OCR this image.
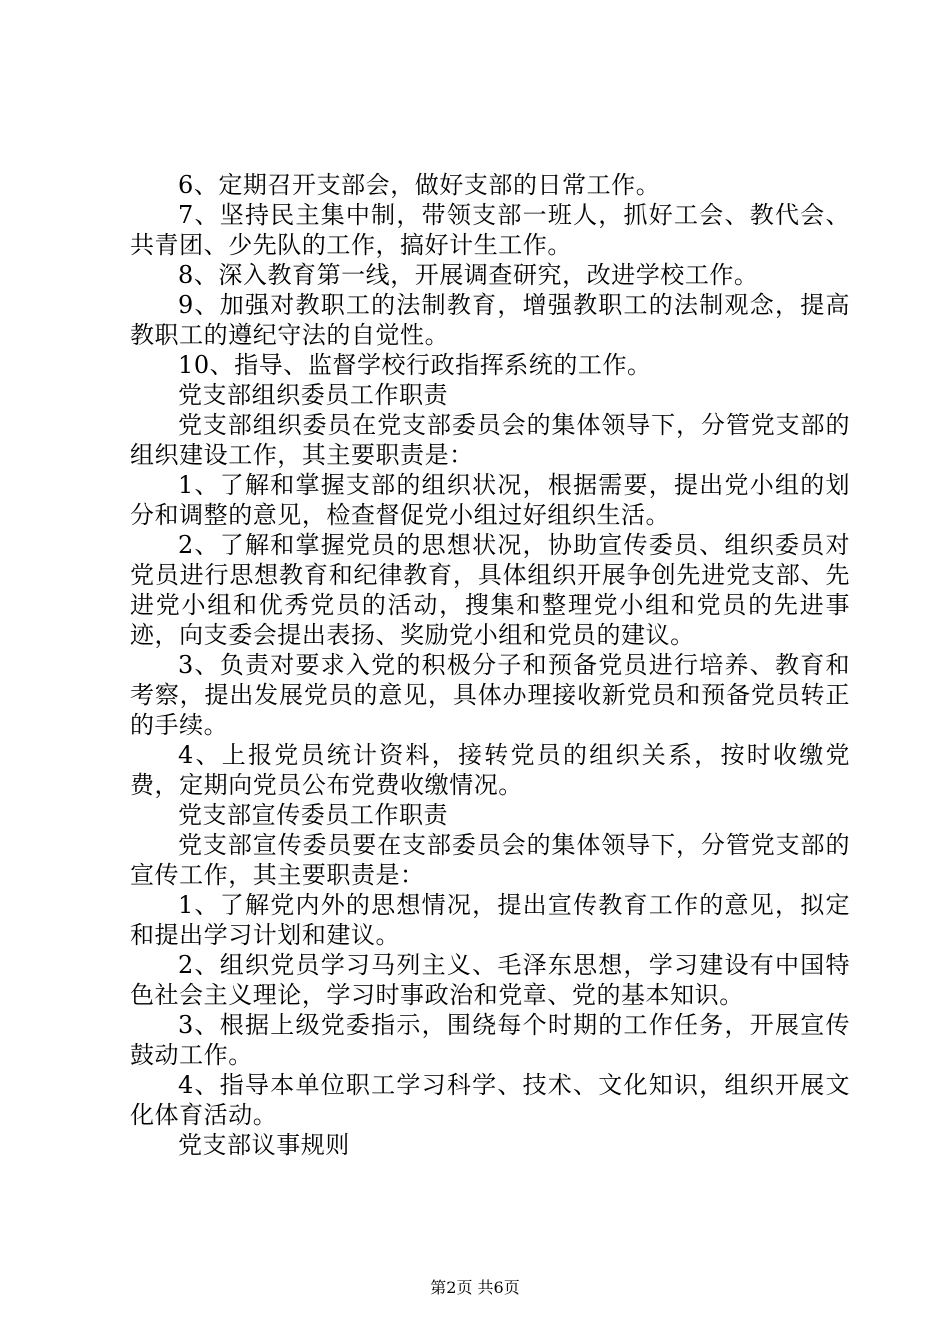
6、定期召开支部会，做好支部的日常工作。

7、坚持民主集中制，带领支部一班人，抓好工会、教代会、共青团、少先队的工作，搞好计生工作。

8、深入教育第一线，开展调查研究，改进学校工作。

9、加强对教职工的法制教育，增强教职工的法制观念，提高教职工的遵纪守法的自觉性。

10、指导、监督学校行政指挥系统的工作。

党支部组织委员工作职责

党支部组织委员在党支部委员会的集体领导下，分管党支部的组织建设工作，其主要职责是：

1、了解和掌握支部的组织状况，根据需要，提出党小组的划分和调整的意见，检查督促党小组过好组织生活。

2、了解和掌握党员的思想状况，协助宣传委员、组织委员对党员进行思想教育和纪律教育，具体组织开展争创先进党支部、先进党小组和优秀党员的活动，搜集和整理党小组和党员的先进事迹，向支委会提出表扬、奖励党小组和党员的建议。

3、负责对要求入党的积极分子和预备党员进行培养、教育和考察，提出发展党员的意见，具体办理接收新党员和预备党员转正的手续。

4、上报党员统计资料，接转党员的组织关系，按时收缴党费，定期向党员公布党费收缴情况。

党支部宣传委员工作职责

党支部宣传委员要在支部委员会的集体领导下，分管党支部的宣传工作，其主要职责是：

1、了解党内外的思想情况，提出宣传教育工作的意见，拟定和提出学习计划和建议。

2、组织党员学习马列主义、毛泽东思想，学习建设有中国特色社会主义理论，学习时事政治和党章、党的基本知识。

3、根据上级党委指示，围绕每个时期的工作任务，开展宣传鼓动工作。

4、指导本单位职工学习科学、技术、文化知识，组织开展文化体育活动。

党支部议事规则

第2页 共6页
